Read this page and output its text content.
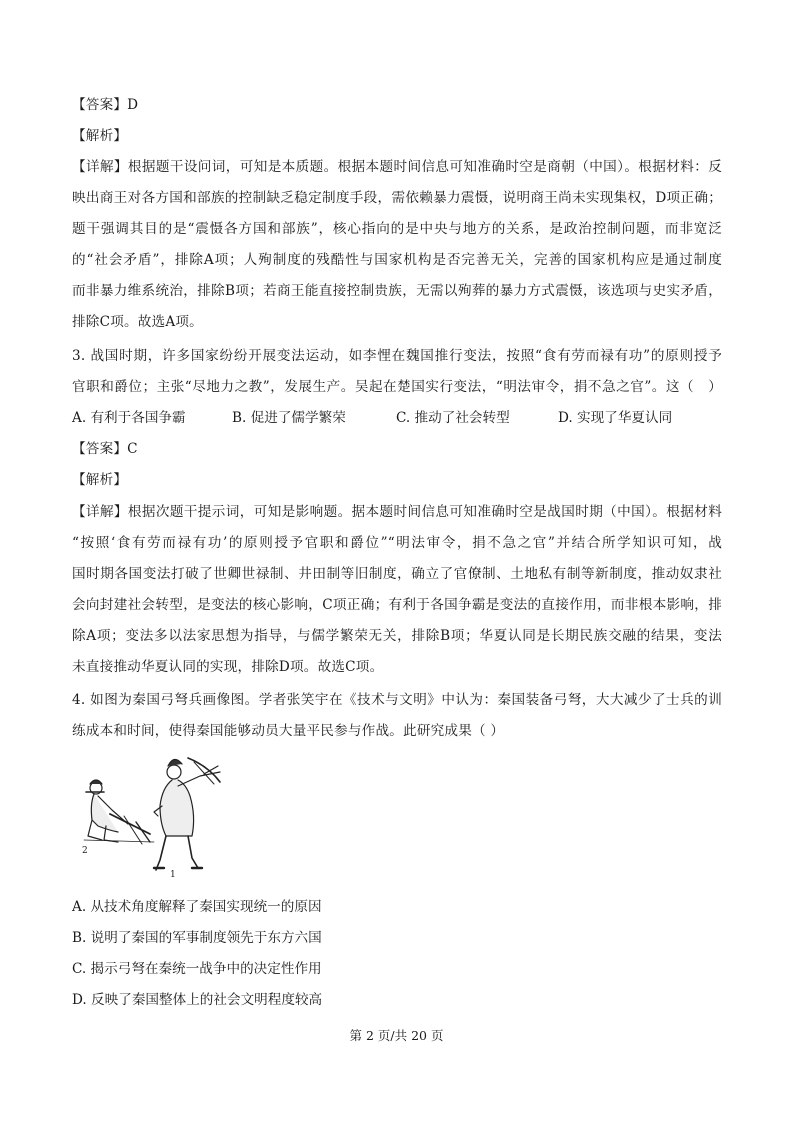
【答案】D
【解析】
【详解】根据题干设问词，可知是本质题。根据本题时间信息可知准确时空是商朝（中国）。根据材料：反
映出商王对各方国和部族的控制缺乏稳定制度手段，需依赖暴力震慑，说明商王尚未实现集权，D项正确；
题干强调其目的是“震慑各方国和部族”，核心指向的是中央与地方的关系，是政治控制问题，而非宽泛
的“社会矛盾”，排除A项；人殉制度的残酷性与国家机构是否完善无关，完善的国家机构应是通过制度
而非暴力维系统治，排除B项；若商王能直接控制贵族，无需以殉葬的暴力方式震慑，该选项与史实矛盾，
排除C项。故选A项。
3. 战国时期，许多国家纷纷开展变法运动，如李悝在魏国推行变法，按照“食有劳而禄有功”的原则授予
官职和爵位；主张“尽地力之教”，发展生产。吴起在楚国实行变法，“明法审令，捐不急之官”。这（　）
A. 有利于各国争霸	B. 促进了儒学繁荣	C. 推动了社会转型	D. 实现了华夏认同
【答案】C
【解析】
【详解】根据次题干提示词，可知是影响题。据本题时间信息可知准确时空是战国时期（中国）。根据材料
“按照‘食有劳而禄有功’的原则授予官职和爵位”“明法审令，捐不急之官”并结合所学知识可知，战
国时期各国变法打破了世卿世禄制、井田制等旧制度，确立了官僚制、土地私有制等新制度，推动奴隶社
会向封建社会转型，是变法的核心影响，C项正确；有利于各国争霸是变法的直接作用，而非根本影响，排
除A项；变法多以法家思想为指导，与儒学繁荣无关，排除B项；华夏认同是长期民族交融的结果，变法
未直接推动华夏认同的实现，排除D项。故选C项。
4. 如图为秦国弓弩兵画像图。学者张笑宇在《技术与文明》中认为：秦国装备弓弩，大大减少了士兵的训
练成本和时间，使得秦国能够动员大量平民参与作战。此研究成果（ ）
2
1
A. 从技术角度解释了秦国实现统一的原因
B. 说明了秦国的军事制度领先于东方六国
C. 揭示弓弩在秦统一战争中的决定性作用
D. 反映了秦国整体上的社会文明程度较高
第 2 页/共 20 页
